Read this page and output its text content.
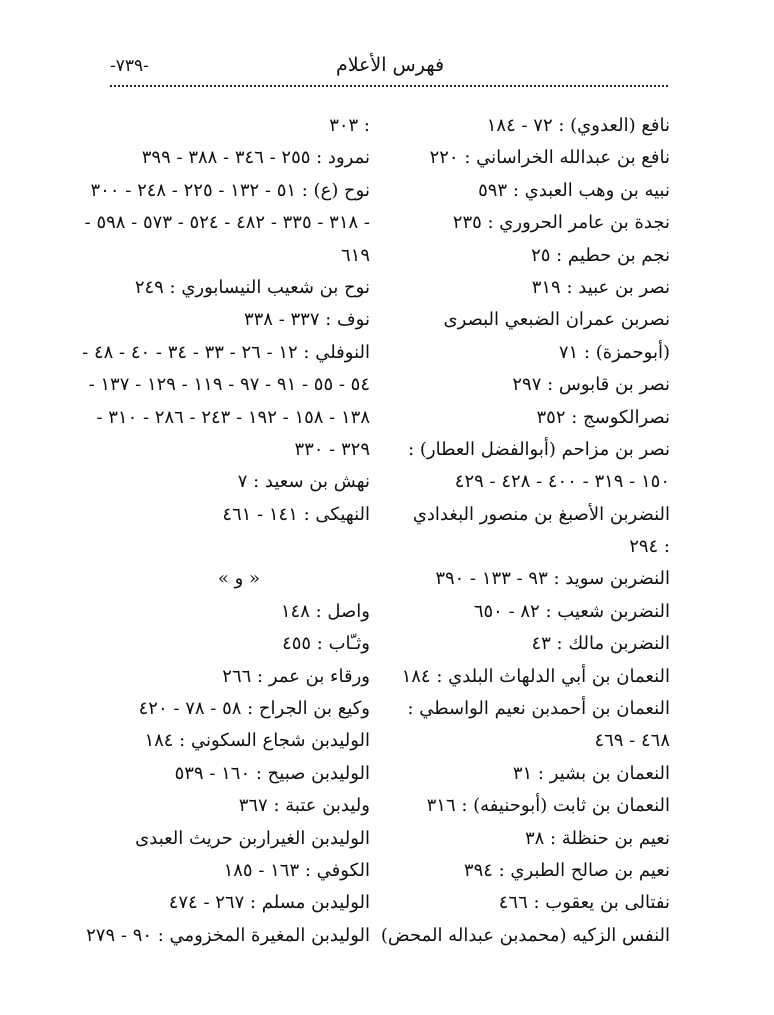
-٧٣٩-	فهرس الأعلام
نافع (العدوي) : ٧٢ - ١٨٤
نافع بن عبدالله الخراساني : ٢٢٠
نبيه بن وهب العبدي : ٥٩٣
نجدة بن عامر الحروري : ٢٣٥
نجم بن حطيم : ٢٥
نصر بن عبيد : ٣١٩
نصربن عمران الضبعي البصرى
(أبوحمزة) : ٧١
نصر بن قابوس : ٢٩٧
نصرالكوسج : ٣٥٢
نصر بن مزاحم (أبوالفضل العطار) :
١٥٠ - ٣١٩ - ٤٠٠ - ٤٢٨ - ٤٢٩
النضربن الأصبغ بن منصور البغدادي
: ٢٩٤
النضربن سويد : ٩٣ - ١٣٣ - ٣٩٠
النضربن شعيب : ٨٢ - ٦٥٠
النضربن مالك : ٤٣
النعمان بن أبي الدلهاث البلدي : ١٨٤
النعمان بن أحمدبن نعيم الواسطي :
٤٦٨ - ٤٦٩
النعمان بن بشير : ٣١
النعمان بن ثابت (أبوحنيفه) : ٣١٦
نعيم بن حنظلة : ٣٨
نعيم بن صالح الطبري : ٣٩٤
نفتالى بن يعقوب : ٤٦٦
النفس الزكيه (محمدبن عبداله المحض)
: ٣٠٣
نمرود : ٢٥٥ - ٣٤٦ - ٣٨٨ - ٣٩٩
نوح (ع) : ٥١ - ١٣٢ - ٢٢٥ - ٢٤٨ - ٣٠٠
- ٣١٨ - ٣٣٥ - ٤٨٢ - ٥٢٤ - ٥٧٣ - ٥٩٨ -
٦١٩
نوح بن شعيب النيسابوري : ٢٤٩
نوف : ٣٣٧ - ٣٣٨
النوفلي : ١٢ - ٢٦ - ٣٣ - ٣٤ - ٤٠ - ٤٨ -
٥٤ - ٥٥ - ٩١ - ٩٧ - ١١٩ - ١٢٩ - ١٣٧ -
١٣٨ - ١٥٨ - ١٩٢ - ٢٤٣ - ٢٨٦ - ٣١٠ -
٣٢٩ - ٣٣٠
نهش بن سعيد : ٧
النهيكى : ١٤١ - ٤٦١
« و »
واصل : ١٤٨
وثـّاب : ٤٥٥
ورقاء بن عمر : ٢٦٦
وكيع بن الجراح : ٥٨ - ٧٨ - ٤٢٠
الوليدبن شجاع السكوني : ١٨٤
الوليدبن صبيح : ١٦٠ - ٥٣٩
وليدبن عتبة : ٣٦٧
الوليدبن الغيراربن حريث العبدى
الكوفي : ١٦٣ - ١٨٥
الوليدبن مسلم : ٢٦٧ - ٤٧٤
الوليدبن المغيرة المخزومي : ٩٠ - ٢٧٩
